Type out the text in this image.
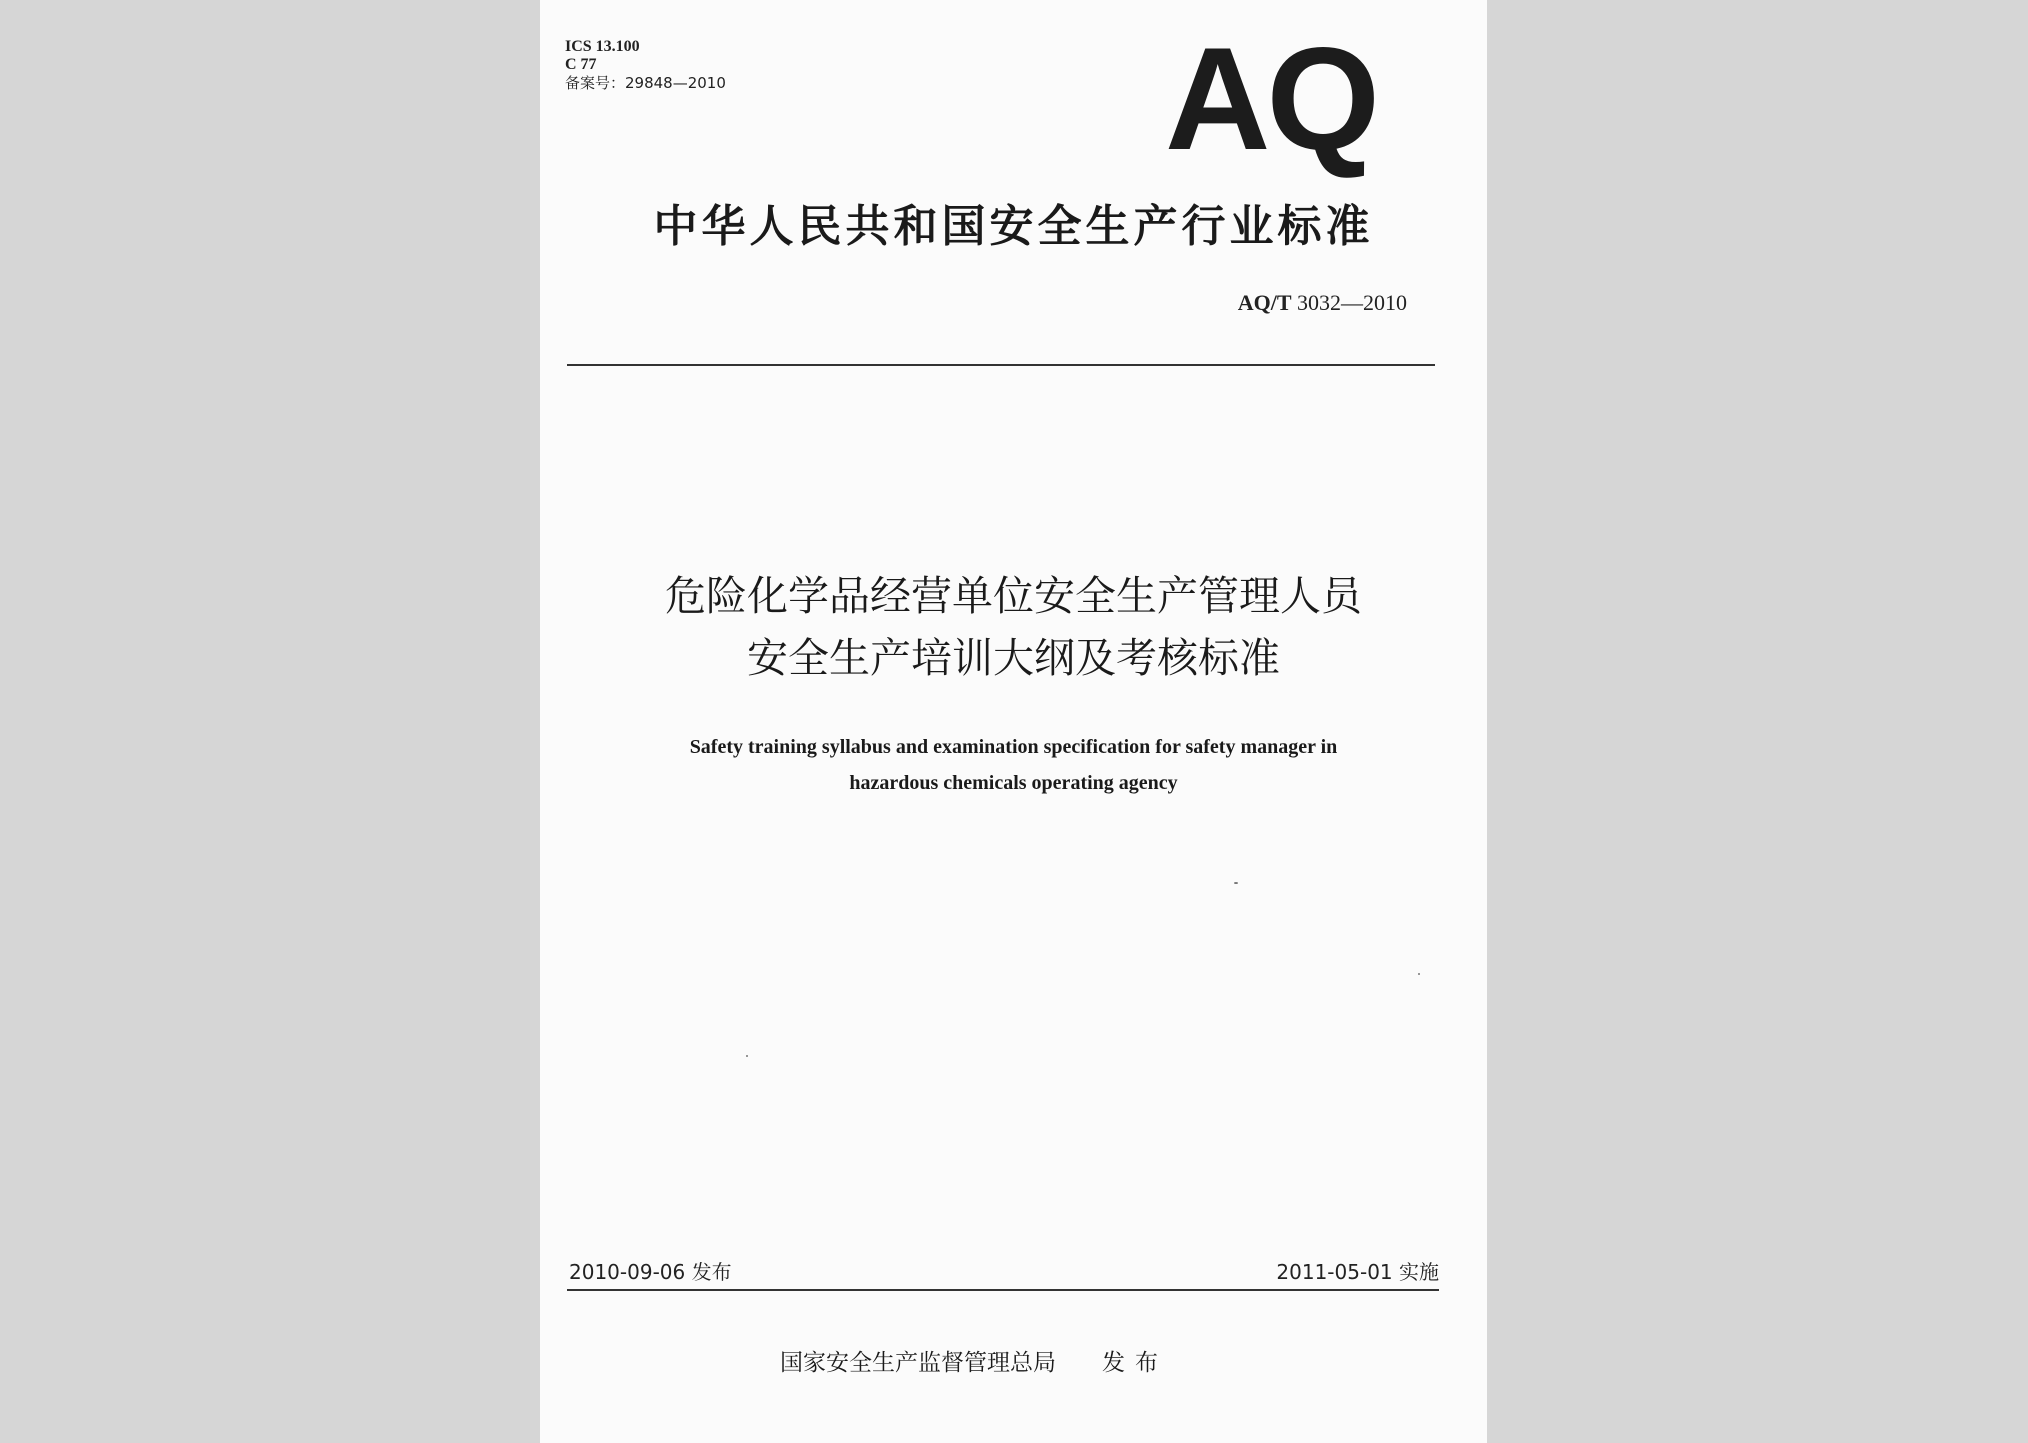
ICS 13.100
C 77
备案号：29848—2010	AQ
中华人民共和国安全生产行业标准
AQ/T 3032—2010
危险化学品经营单位安全生产管理人员
安全生产培训大纲及考核标准
Safety training syllabus and examination specification for safety manager in
hazardous chemicals operating agency
2010-09-06 发布	2011-05-01 实施
国家安全生产监督管理总局 发布
